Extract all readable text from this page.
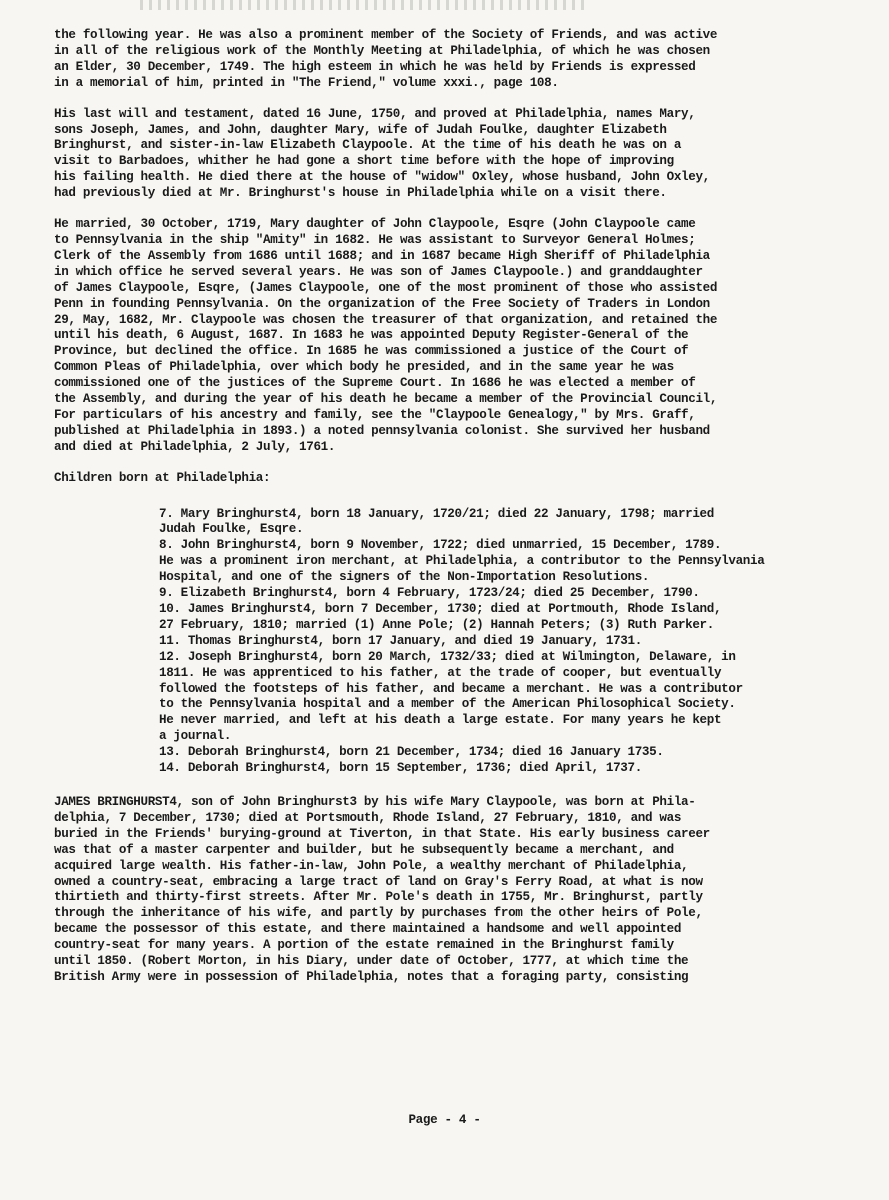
the following year. He was also a prominent member of the Society of Friends, and was active

in all of the religious work of the Monthly Meeting at Philadelphia, of which he was chosen

an Elder, 30 December, 1749. The high esteem in which he was held by Friends is expressed

in a memorial of him, printed in "The Friend," volume xxxi., page 108.

His last will and testament, dated 16 June, 1750, and proved at Philadelphia, names Mary,

sons Joseph, James, and John, daughter Mary, wife of Judah Foulke, daughter Elizabeth

Bringhurst, and sister-in-law Elizabeth Claypoole. At the time of his death he was on a

visit to Barbadoes, whither he had gone a short time before with the hope of improving

his failing health. He died there at the house of "widow" Oxley, whose husband, John Oxley,

had previously died at Mr. Bringhurst's house in Philadelphia while on a visit there.

He married, 30 October, 1719, Mary daughter of John Claypoole, Esqre (John Claypoole came

to Pennsylvania in the ship "Amity" in 1682. He was assistant to Surveyor General Holmes;

Clerk of the Assembly from 1686 until 1688; and in 1687 became High Sheriff of Philadelphia

in which office he served several years. He was son of James Claypoole.) and granddaughter

of James Claypoole, Esqre, (James Claypoole, one of the most prominent of those who assisted

Penn in founding Pennsylvania. On the organization of the Free Society of Traders in London

29, May, 1682, Mr. Claypoole was chosen the treasurer of that organization, and retained the

until his death, 6 August, 1687. In 1683 he was appointed Deputy Register-General of the

Province, but declined the office. In 1685 he was commissioned a justice of the Court of

Common Pleas of Philadelphia, over which body he presided, and in the same year he was

commissioned one of the justices of the Supreme Court. In 1686 he was elected a member of

the Assembly, and during the year of his death he became a member of the Provincial Council,

For particulars of his ancestry and family, see the "Claypoole Genealogy," by Mrs. Graff,

published at Philadelphia in 1893.) a noted pennsylvania colonist. She survived her husband

and died at Philadelphia, 2 July, 1761.

Children born at Philadelphia:

7. Mary Bringhurst4, born 18 January, 1720/21; died 22 January, 1798; married

Judah Foulke, Esqre.

8. John Bringhurst4, born 9 November, 1722; died unmarried, 15 December, 1789.

He was a prominent iron merchant, at Philadelphia, a contributor to the Pennsylvania

Hospital, and one of the signers of the Non-Importation Resolutions.

9. Elizabeth Bringhurst4, born 4 February, 1723/24; died 25 December, 1790.

10. James Bringhurst4, born 7 December, 1730; died at Portmouth, Rhode Island,

27 February, 1810; married (1) Anne Pole; (2) Hannah Peters; (3) Ruth Parker.

11. Thomas Bringhurst4, born 17 January, and died 19 January, 1731.

12. Joseph Bringhurst4, born 20 March, 1732/33; died at Wilmington, Delaware, in

1811. He was apprenticed to his father, at the trade of cooper, but eventually

followed the footsteps of his father, and became a merchant. He was a contributor

to the Pennsylvania hospital and a member of the American Philosophical Society.

He never married, and left at his death a large estate. For many years he kept

a journal.

13. Deborah Bringhurst4, born 21 December, 1734; died 16 January 1735.

14. Deborah Bringhurst4, born 15 September, 1736; died April, 1737.

JAMES BRINGHURST4, son of John Bringhurst3 by his wife Mary Claypoole, was born at Phila-

delphia, 7 December, 1730; died at Portsmouth, Rhode Island, 27 February, 1810, and was

buried in the Friends' burying-ground at Tiverton, in that State. His early business career

was that of a master carpenter and builder, but he subsequently became a merchant, and

acquired large wealth. His father-in-law, John Pole, a wealthy merchant of Philadelphia,

owned a country-seat, embracing a large tract of land on Gray's Ferry Road, at what is now

thirtieth and thirty-first streets. After Mr. Pole's death in 1755, Mr. Bringhurst, partly

through the inheritance of his wife, and partly by purchases from the other heirs of Pole,

became the possessor of this estate, and there maintained a handsome and well appointed

country-seat for many years. A portion of the estate remained in the Bringhurst family

until 1850. (Robert Morton, in his Diary, under date of October, 1777, at which time the

British Army were in possession of Philadelphia, notes that a foraging party, consisting

Page - 4 -
